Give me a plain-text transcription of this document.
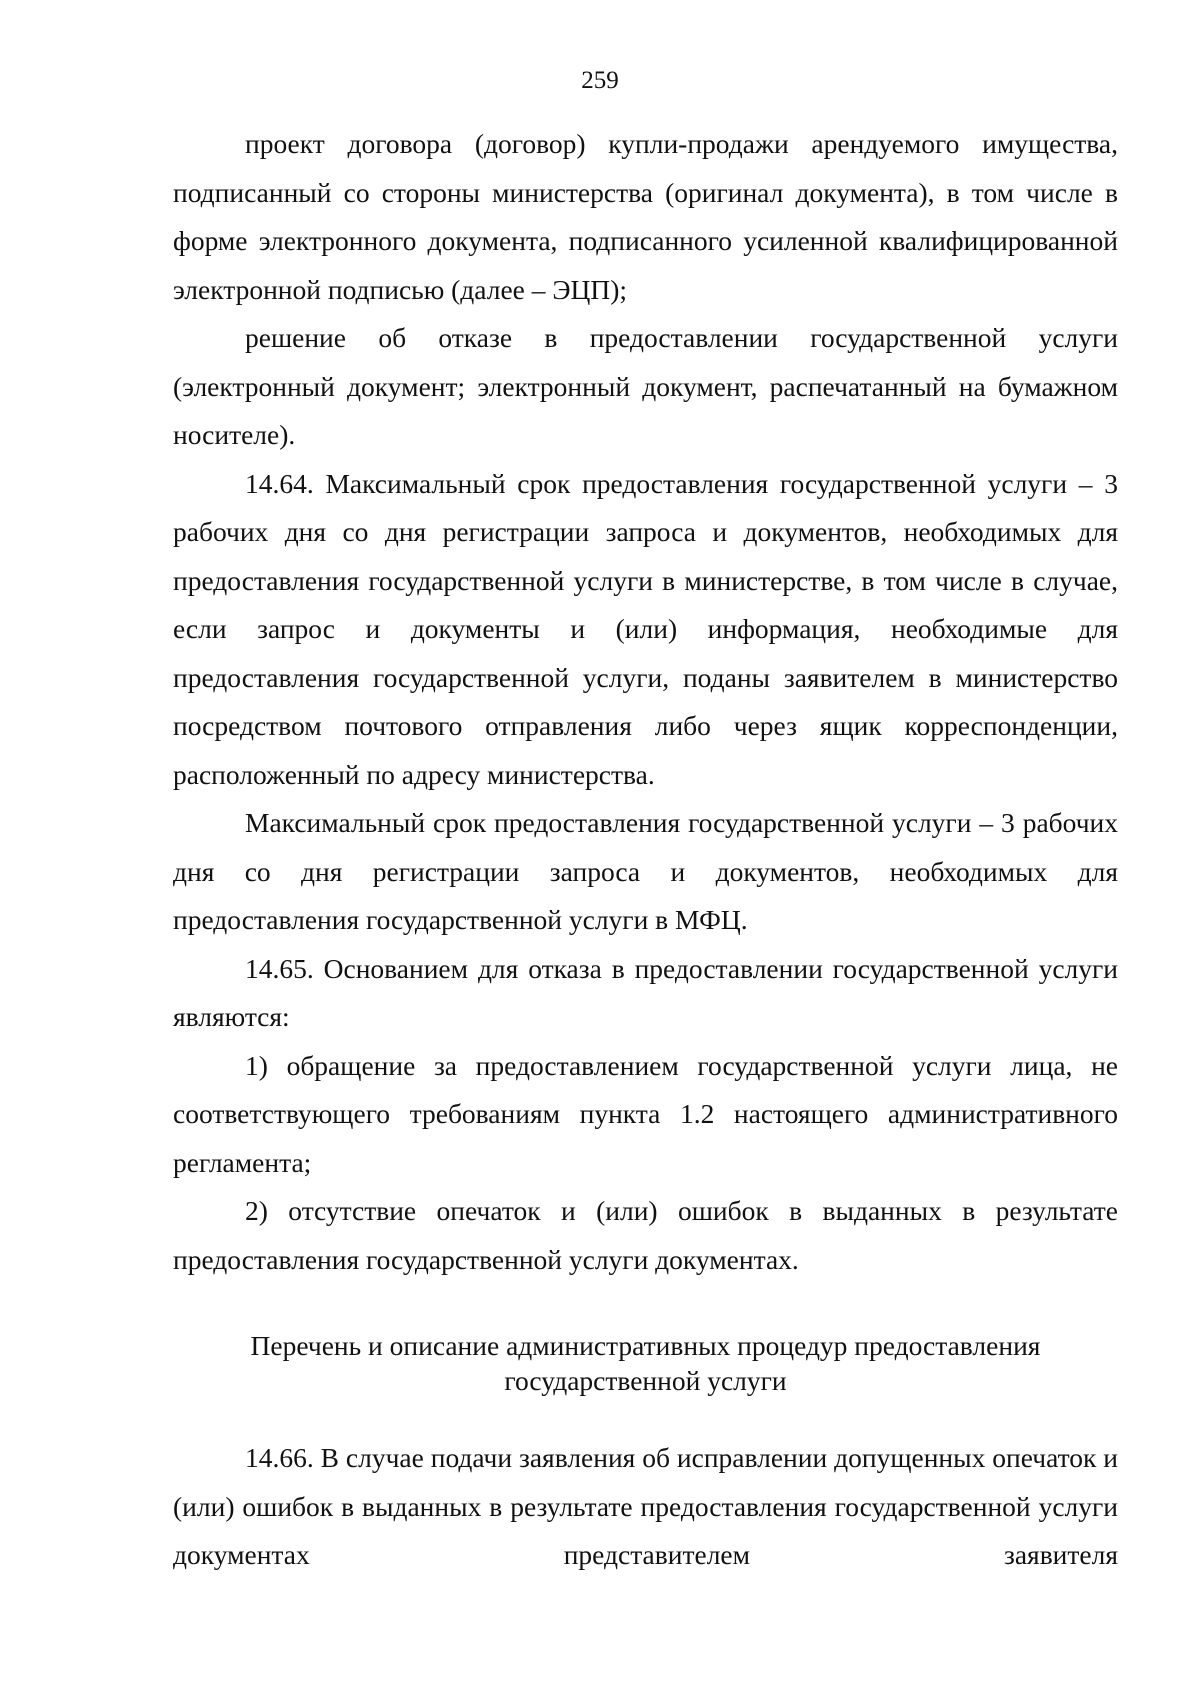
259

проект договора (договор) купли-продажи арендуемого имущества, подписанный со стороны министерства (оригинал документа), в том числе в форме электронного документа, подписанного усиленной квалифицированной электронной подписью (далее – ЭЦП);

решение об отказе в предоставлении государственной услуги (электронный документ; электронный документ, распечатанный на бумажном носителе).

14.64. Максимальный срок предоставления государственной услуги – 3 рабочих дня со дня регистрации запроса и документов, необходимых для предоставления государственной услуги в министерстве, в том числе в случае, если запрос и документы и (или) информация, необходимые для предоставления государственной услуги, поданы заявителем в министерство посредством почтового отправления либо через ящик корреспонденции, расположенный по адресу министерства.

Максимальный срок предоставления государственной услуги – 3 рабочих дня со дня регистрации запроса и документов, необходимых для предоставления государственной услуги в МФЦ.

14.65. Основанием для отказа в предоставлении государственной услуги являются:

1) обращение за предоставлением государственной услуги лица, не соответствующего требованиям пункта 1.2 настоящего административного регламента;

2) отсутствие опечаток и (или) ошибок в выданных в результате предоставления государственной услуги документах.

Перечень и описание административных процедур предоставления
государственной услуги

14.66. В случае подачи заявления об исправлении допущенных опечаток и (или) ошибок в выданных в результате предоставления государственной услуги документах представителем заявителя
